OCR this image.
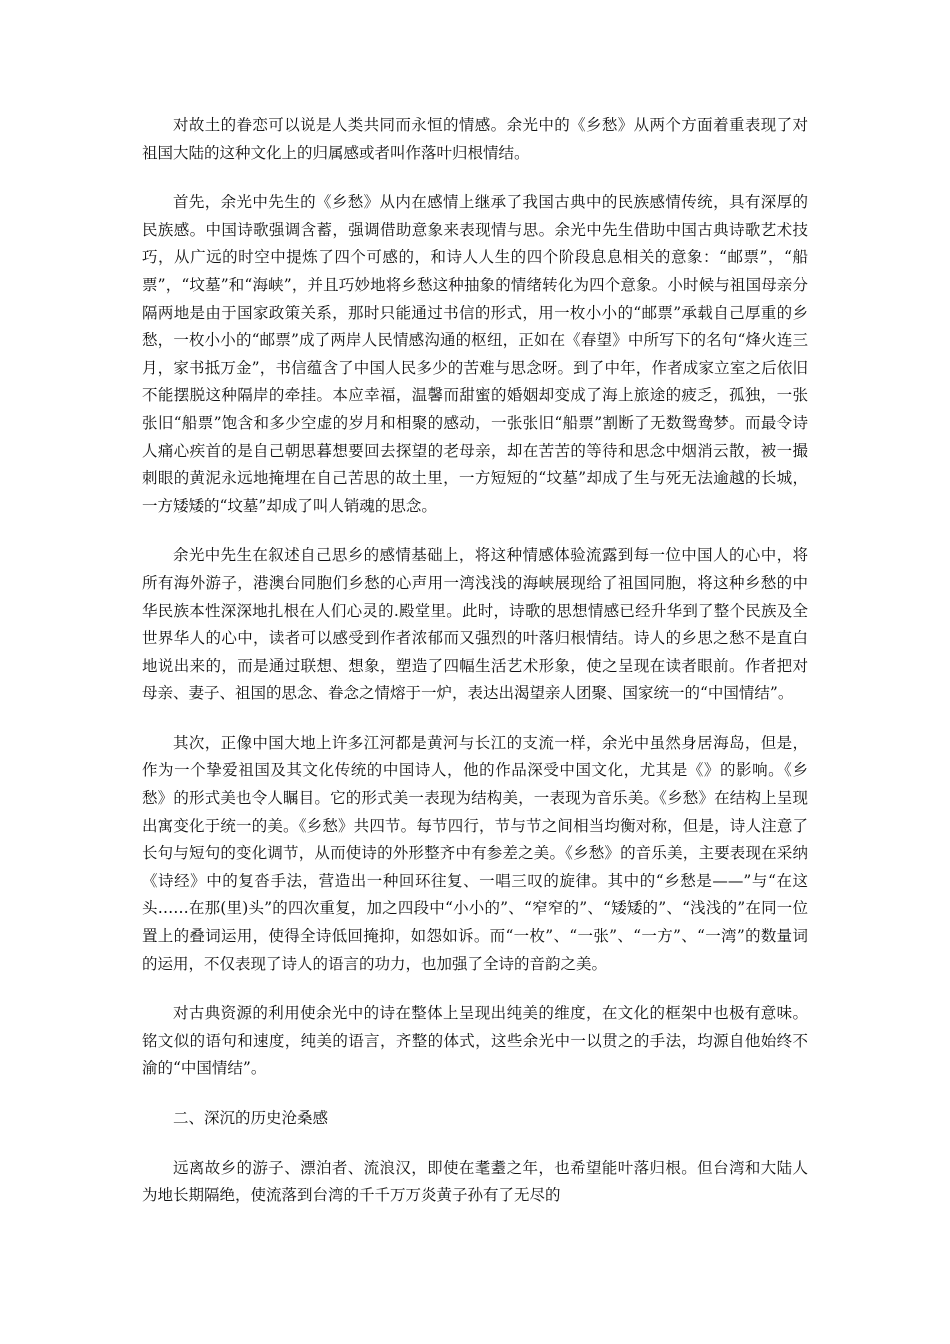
对故土的眷恋可以说是人类共同而永恒的情感。余光中的《乡愁》从两个方面着重表现了对祖国大陆的这种文化上的归属感或者叫作落叶归根情结。

首先，余光中先生的《乡愁》从内在感情上继承了我国古典中的民族感情传统，具有深厚的民族感。中国诗歌强调含蓄，强调借助意象来表现情与思。余光中先生借助中国古典诗歌艺术技巧，从广远的时空中提炼了四个可感的，和诗人人生的四个阶段息息相关的意象：“邮票”，“船票”，“坟墓”和“海峡”，并且巧妙地将乡愁这种抽象的情绪转化为四个意象。小时候与祖国母亲分隔两地是由于国家政策关系，那时只能通过书信的形式，用一枚小小的“邮票”承载自己厚重的乡愁，一枚小小的“邮票”成了两岸人民情感沟通的枢纽，正如在《春望》中所写下的名句“烽火连三月，家书抵万金”，书信蕴含了中国人民多少的苦难与思念呀。到了中年，作者成家立室之后依旧不能摆脱这种隔岸的牵挂。本应幸福，温馨而甜蜜的婚姻却变成了海上旅途的疲乏，孤独，一张张旧“船票”饱含和多少空虚的岁月和相聚的感动，一张张旧“船票”割断了无数鸳鸯梦。而最令诗人痛心疾首的是自己朝思暮想要回去探望的老母亲，却在苦苦的等待和思念中烟消云散，被一撮刺眼的黄泥永远地掩埋在自己苦思的故土里，一方短短的“坟墓”却成了生与死无法逾越的长城，一方矮矮的“坟墓”却成了叫人销魂的思念。

余光中先生在叙述自己思乡的感情基础上，将这种情感体验流露到每一位中国人的心中，将所有海外游子，港澳台同胞们乡愁的心声用一湾浅浅的海峡展现给了祖国同胞，将这种乡愁的中华民族本性深深地扎根在人们心灵的.殿堂里。此时，诗歌的思想情感已经升华到了整个民族及全世界华人的心中，读者可以感受到作者浓郁而又强烈的叶落归根情结。诗人的乡思之愁不是直白地说出来的，而是通过联想、想象，塑造了四幅生活艺术形象，使之呈现在读者眼前。作者把对母亲、妻子、祖国的思念、眷念之情熔于一炉，表达出渴望亲人团聚、国家统一的“中国情结”。

其次，正像中国大地上许多江河都是黄河与长江的支流一样，余光中虽然身居海岛，但是，作为一个挚爱祖国及其文化传统的中国诗人，他的作品深受中国文化，尤其是《》的影响。《乡愁》的形式美也令人瞩目。它的形式美一表现为结构美，一表现为音乐美。《乡愁》在结构上呈现出寓变化于统一的美。《乡愁》共四节。每节四行，节与节之间相当均衡对称，但是，诗人注意了长句与短句的变化调节，从而使诗的外形整齐中有参差之美。《乡愁》的音乐美，主要表现在采纳《诗经》中的复沓手法，营造出一种回环往复、一唱三叹的旋律。其中的“乡愁是——”与“在这头……在那(里)头”的四次重复，加之四段中“小小的”、“窄窄的”、“矮矮的”、“浅浅的”在同一位置上的叠词运用，使得全诗低回掩抑，如怨如诉。而“一枚”、“一张”、“一方”、“一湾”的数量词的运用，不仅表现了诗人的语言的功力，也加强了全诗的音韵之美。

对古典资源的利用使余光中的诗在整体上呈现出纯美的维度，在文化的框架中也极有意味。铭文似的语句和速度，纯美的语言，齐整的体式，这些余光中一以贯之的手法，均源自他始终不渝的“中国情结”。

二、深沉的历史沧桑感

远离故乡的游子、漂泊者、流浪汉，即使在耄耋之年，也希望能叶落归根。但台湾和大陆人为地长期隔绝，使流落到台湾的千千万万炎黄子孙有了无尽的
